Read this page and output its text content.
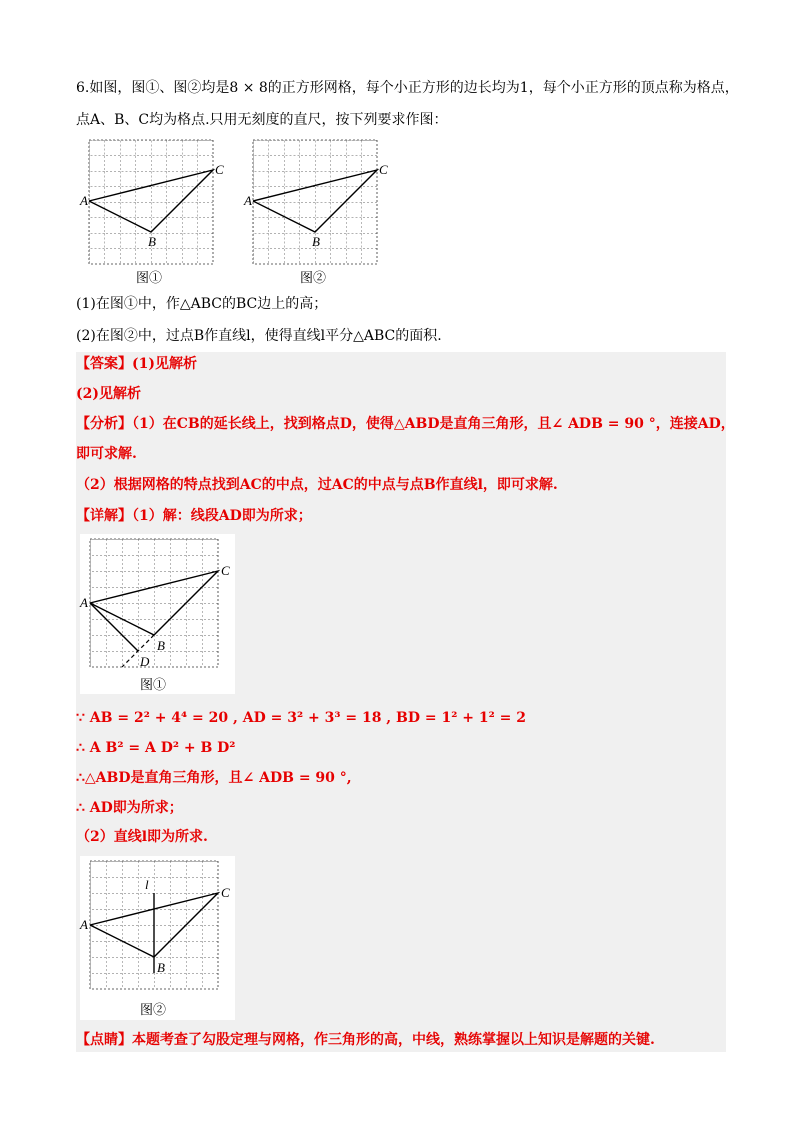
6.如图，图①、图②均是8 × 8的正方形网格，每个小正方形的边长均为1，每个小正方形的顶点称为格点，
点A、B、C均为格点.只用无刻度的直尺，按下列要求作图：
A
C
B
图①
A
C
B
图②
(1)在图①中，作△ABC的BC边上的高；
(2)在图②中，过点B作直线l，使得直线l平分△ABC的面积.
【答案】(1)见解析
(2)见解析
【分析】（1）在CB的延长线上，找到格点D，使得△ABD是直角三角形，且∠ ADB = 90 °，连接AD，
即可求解.
（2）根据网格的特点找到AC的中点，过AC的中点与点B作直线l，即可求解.
【详解】（1）解：线段AD即为所求；
A
C
B
D
图①
∵ AB = 2² + 4⁴ = 20 , AD = 3² + 3³ = 18 , BD = 1² + 1² = 2
∴ A B² = A D² + B D²
∴△ABD是直角三角形，且∠ ADB = 90 °,
∴ AD即为所求；
（2）直线l即为所求.
A
C
B
l
图②
【点睛】本题考查了勾股定理与网格，作三角形的高，中线，熟练掌握以上知识是解题的关键.
